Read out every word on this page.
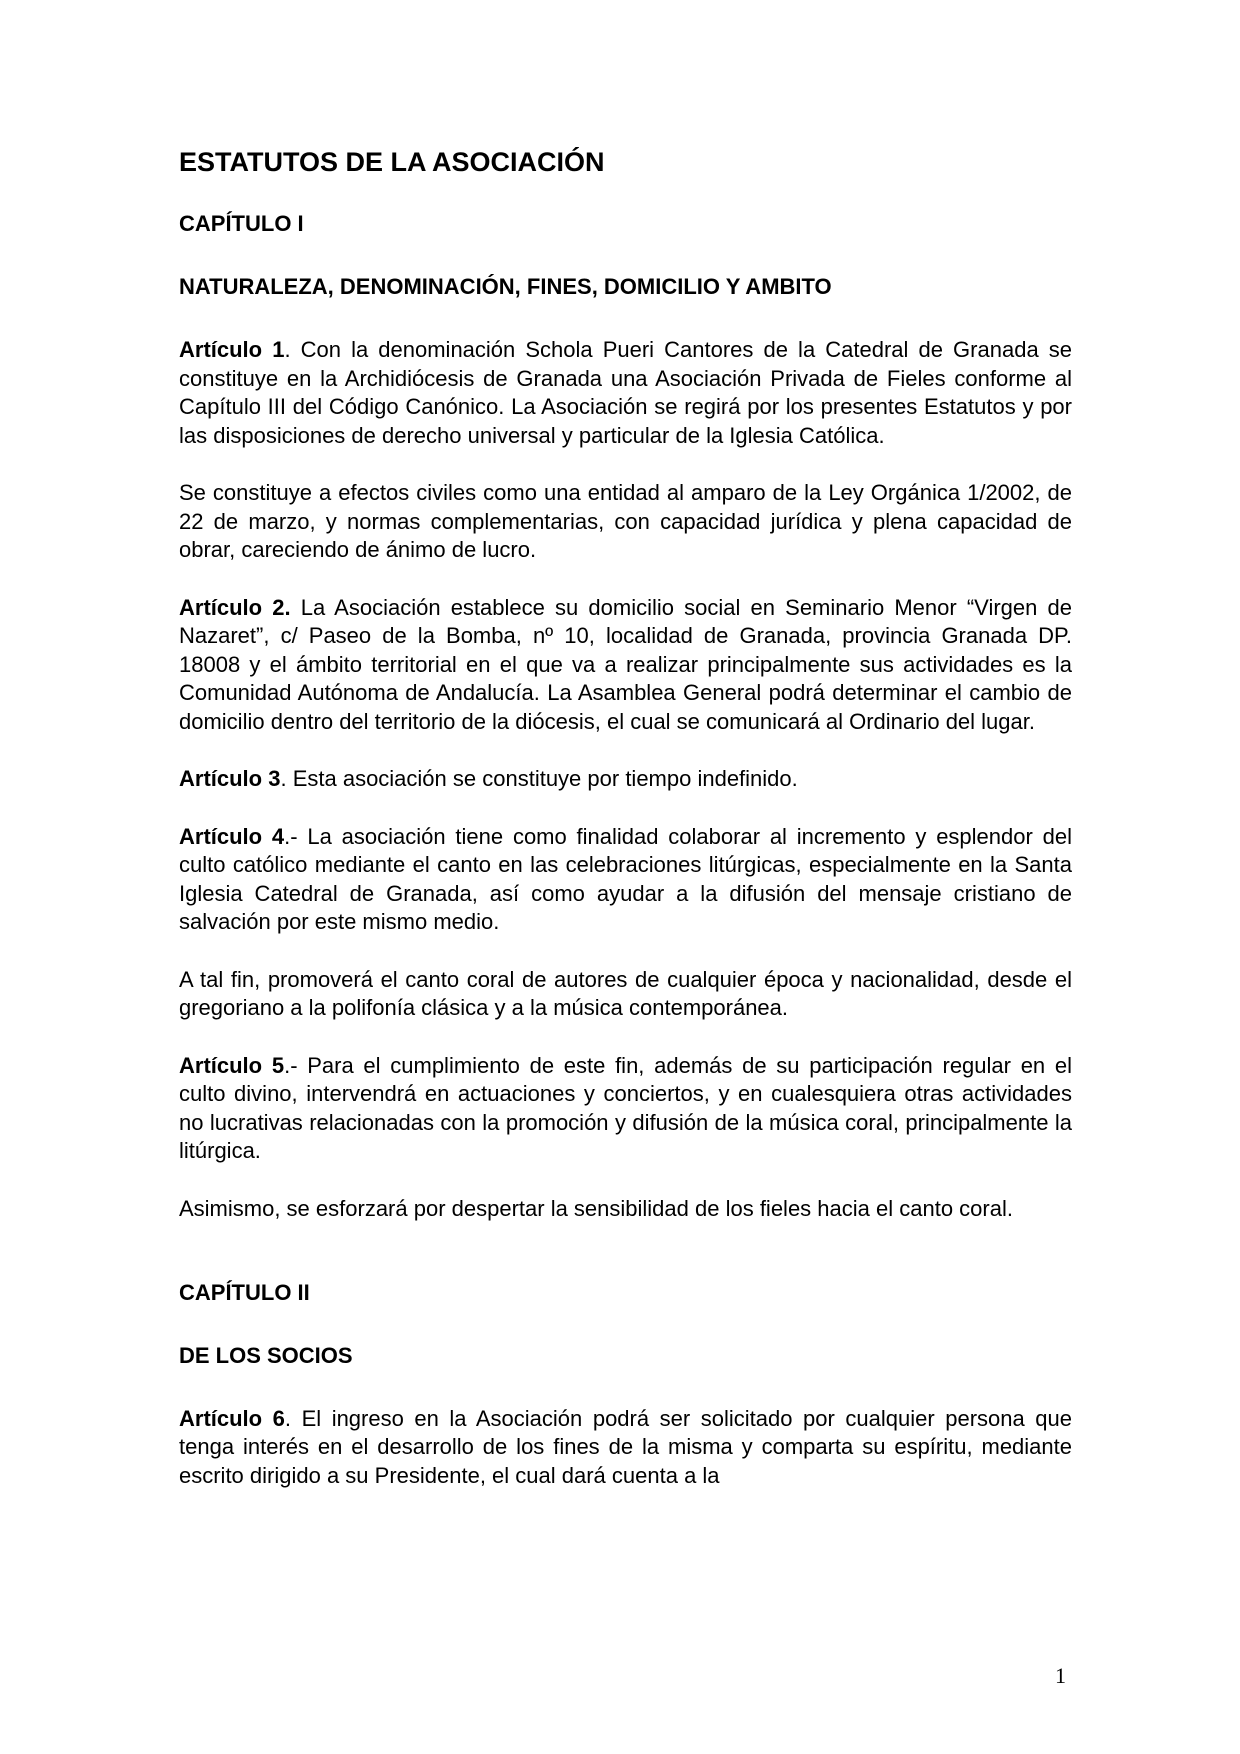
ESTATUTOS DE LA ASOCIACIÓN
CAPÍTULO I
NATURALEZA, DENOMINACIÓN, FINES, DOMICILIO Y AMBITO

Artículo 1. Con la denominación Schola Pueri Cantores de la Catedral de Granada se constituye en la Archidiócesis de Granada una Asociación Privada de Fieles conforme al Capítulo III del Código Canónico. La Asociación se regirá por los presentes Estatutos y por las disposiciones de derecho universal y particular de la Iglesia Católica.

Se constituye a efectos civiles como una entidad al amparo de la Ley Orgánica 1/2002, de 22 de marzo, y normas complementarias, con capacidad jurídica y plena capacidad de obrar, careciendo de ánimo de lucro.

Artículo 2. La Asociación establece su domicilio social en Seminario Menor “Virgen de Nazaret”, c/ Paseo de la Bomba, nº 10, localidad de Granada, provincia Granada DP. 18008 y el ámbito territorial en el que va a realizar principalmente sus actividades es la Comunidad Autónoma de Andalucía. La Asamblea General podrá determinar el cambio de domicilio dentro del territorio de la diócesis, el cual se comunicará al Ordinario del lugar.

Artículo 3. Esta asociación se constituye por tiempo indefinido.

Artículo 4.- La asociación tiene como finalidad colaborar al incremento y esplendor del culto católico mediante el canto en las celebraciones litúrgicas, especialmente en la Santa Iglesia Catedral de Granada, así como ayudar a la difusión del mensaje cristiano de salvación por este mismo medio.

A tal fin, promoverá el canto coral de autores de cualquier época y nacionalidad, desde el gregoriano a la polifonía clásica y a la música contemporánea.

Artículo 5.- Para el cumplimiento de este fin, además de su participación regular en el culto divino, intervendrá en actuaciones y conciertos, y en cualesquiera otras actividades no lucrativas relacionadas con la promoción y difusión de la música coral, principalmente la litúrgica.

Asimismo, se esforzará por despertar la sensibilidad de los fieles hacia el canto coral.

CAPÍTULO II
DE LOS SOCIOS

Artículo 6. El ingreso en la Asociación podrá ser solicitado por cualquier persona que tenga interés en el desarrollo de los fines de la misma y comparta su espíritu, mediante escrito dirigido a su Presidente, el cual dará cuenta a la

1
